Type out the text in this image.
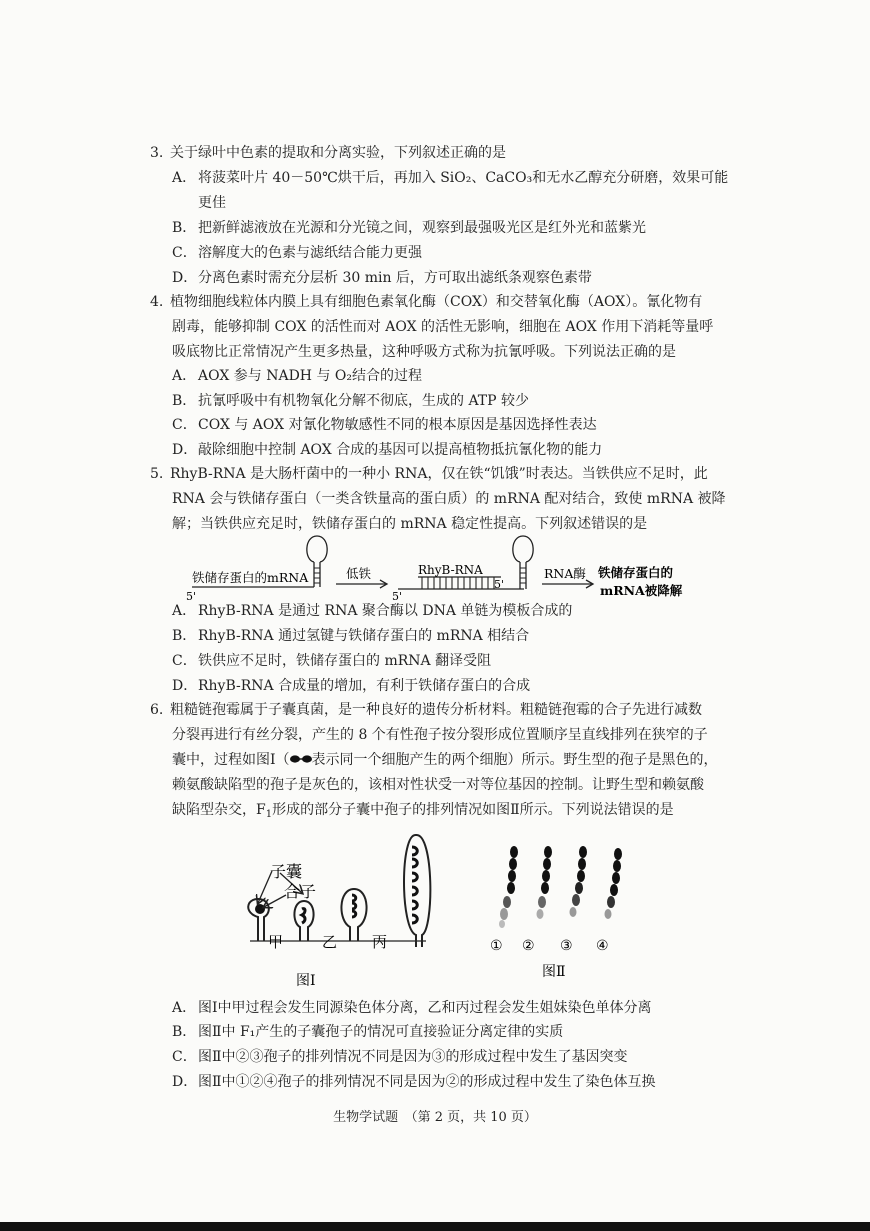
3. 关于绿叶中色素的提取和分离实验，下列叙述正确的是
A． 将菠菜叶片 40－50℃烘干后，再加入 SiO₂、CaCO₃和无水乙醇充分研磨，效果可能
更佳
B． 把新鲜滤液放在光源和分光镜之间，观察到最强吸光区是红外光和蓝紫光
C．溶解度大的色素与滤纸结合能力更强
D．分离色素时需充分层析 30 min 后，方可取出滤纸条观察色素带
4. 植物细胞线粒体内膜上具有细胞色素氧化酶（COX）和交替氧化酶（AOX）。氰化物有
剧毒，能够抑制 COX 的活性而对 AOX 的活性无影响，细胞在 AOX 作用下消耗等量呼
吸底物比正常情况产生更多热量，这种呼吸方式称为抗氰呼吸。下列说法正确的是
A． AOX 参与 NADH 与 O₂结合的过程
B． 抗氰呼吸中有机物氧化分解不彻底，生成的 ATP 较少
C．COX 与 AOX 对氰化物敏感性不同的根本原因是基因选择性表达
D．敲除细胞中控制 AOX 合成的基因可以提高植物抵抗氰化物的能力
5. RhyB-RNA 是大肠杆菌中的一种小 RNA，仅在铁“饥饿”时表达。当铁供应不足时，此
RNA 会与铁储存蛋白（一类含铁量高的蛋白质）的 mRNA 配对结合，致使 mRNA 被降
解；当铁供应充足时，铁储存蛋白的 mRNA 稳定性提高。下列叙述错误的是
铁储存蛋白的mRNA
5'
低铁	RhyB-RNA
5'
5'
RNA酶 铁储存蛋白的
mRNA被降解
A． RhyB-RNA 是通过 RNA 聚合酶以 DNA 单链为模板合成的
B． RhyB-RNA 通过氢键与铁储存蛋白的 mRNA 相结合
C．铁供应不足时，铁储存蛋白的 mRNA 翻译受阻
D．RhyB-RNA 合成量的增加，有利于铁储存蛋白的合成
6. 粗糙链孢霉属于子囊真菌，是一种良好的遗传分析材料。粗糙链孢霉的合子先进行减数
分裂再进行有丝分裂，产生的 8 个有性孢子按分裂形成位置顺序呈直线排列在狭窄的子
囊中，过程如图Ⅰ（ 表示同一个细胞产生的两个细胞）所示。野生型的孢子是黑色的，
赖氨酸缺陷型的孢子是灰色的，该相对性状受一对等位基因的控制。让野生型和赖氨酸
缺陷型杂交，$F_1$形成的部分子囊中孢子的排列情况如图Ⅱ所示。下列说法错误的是
子囊
合子
甲	乙 丙
图Ⅰ
① ② ③ ④
图Ⅱ
A． 图Ⅰ中甲过程会发生同源染色体分离，乙和丙过程会发生姐妹染色单体分离
B． 图Ⅱ中 F₁产生的子囊孢子的情况可直接验证分离定律的实质
C．图Ⅱ中②③孢子的排列情况不同是因为③的形成过程中发生了基因突变
D．图Ⅱ中①②④孢子的排列情况不同是因为②的形成过程中发生了染色体互换
生物学试题　（第 2 页，共 10 页）
